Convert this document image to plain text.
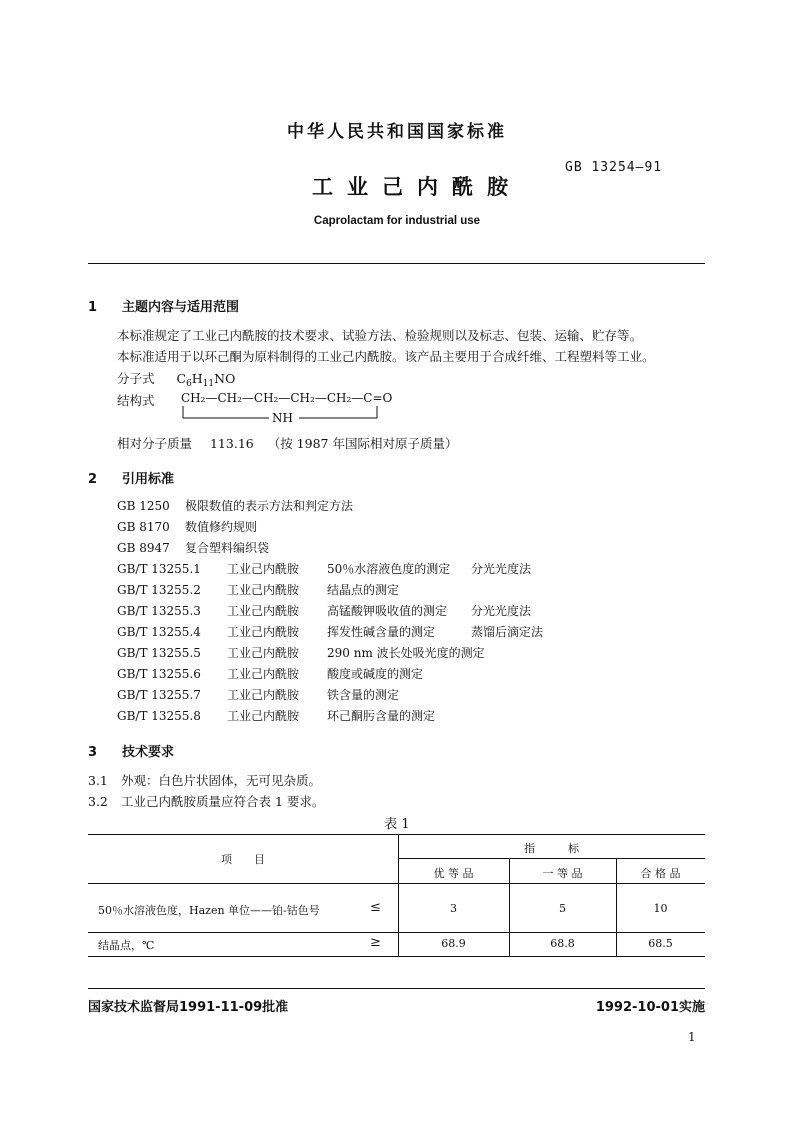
中华人民共和国国家标准
GB 13254—91
工业己内酰胺
Caprolactam for industrial use
1 主题内容与适用范围
本标准规定了工业己内酰胺的技术要求、试验方法、检验规则以及标志、包装、运输、贮存等。
本标准适用于以环己酮为原料制得的工业己内酰胺。该产品主要用于合成纤维、工程塑料等工业。
分子式 $C_6H_{11}NO$
结构式 CH₂—CH₂—CH₂—CH₂—CH₂—C=O
NH
相对分子质量 113.16 （按 1987 年国际相对原子质量）
2 引用标准
GB 1250 极限数值的表示方法和判定方法
GB 8170 数值修约规则
GB 8947 复合塑料编织袋
GB/T 13255.1 工业己内酰胺 50％水溶液色度的测定 分光光度法
GB/T 13255.2 工业己内酰胺 结晶点的测定
GB/T 13255.3 工业己内酰胺 高锰酸钾吸收值的测定 分光光度法
GB/T 13255.4 工业己内酰胺 挥发性碱含量的测定	蒸馏后滴定法
GB/T 13255.5 工业己内酰胺 290 nm 波长处吸光度的测定
GB/T 13255.6 工业己内酰胺 酸度或碱度的测定
GB/T 13255.7 工业己内酰胺 铁含量的测定
GB/T 13255.8 工业己内酰胺 环己酮肟含量的测定
3 技术要求
3.1 外观：白色片状固体，无可见杂质。
3.2 工业己内酰胺质量应符合表 1 要求。
表 1
项　　目
指　　　标
优 等 品	一 等 品	合 格 品
50％水溶液色度，Hazen 单位——铂-钴色号	≤	3	5	10
结晶点，℃	≥	68.9	68.8	68.5
国家技术监督局1991-11-09批准	1992-10-01实施
1
